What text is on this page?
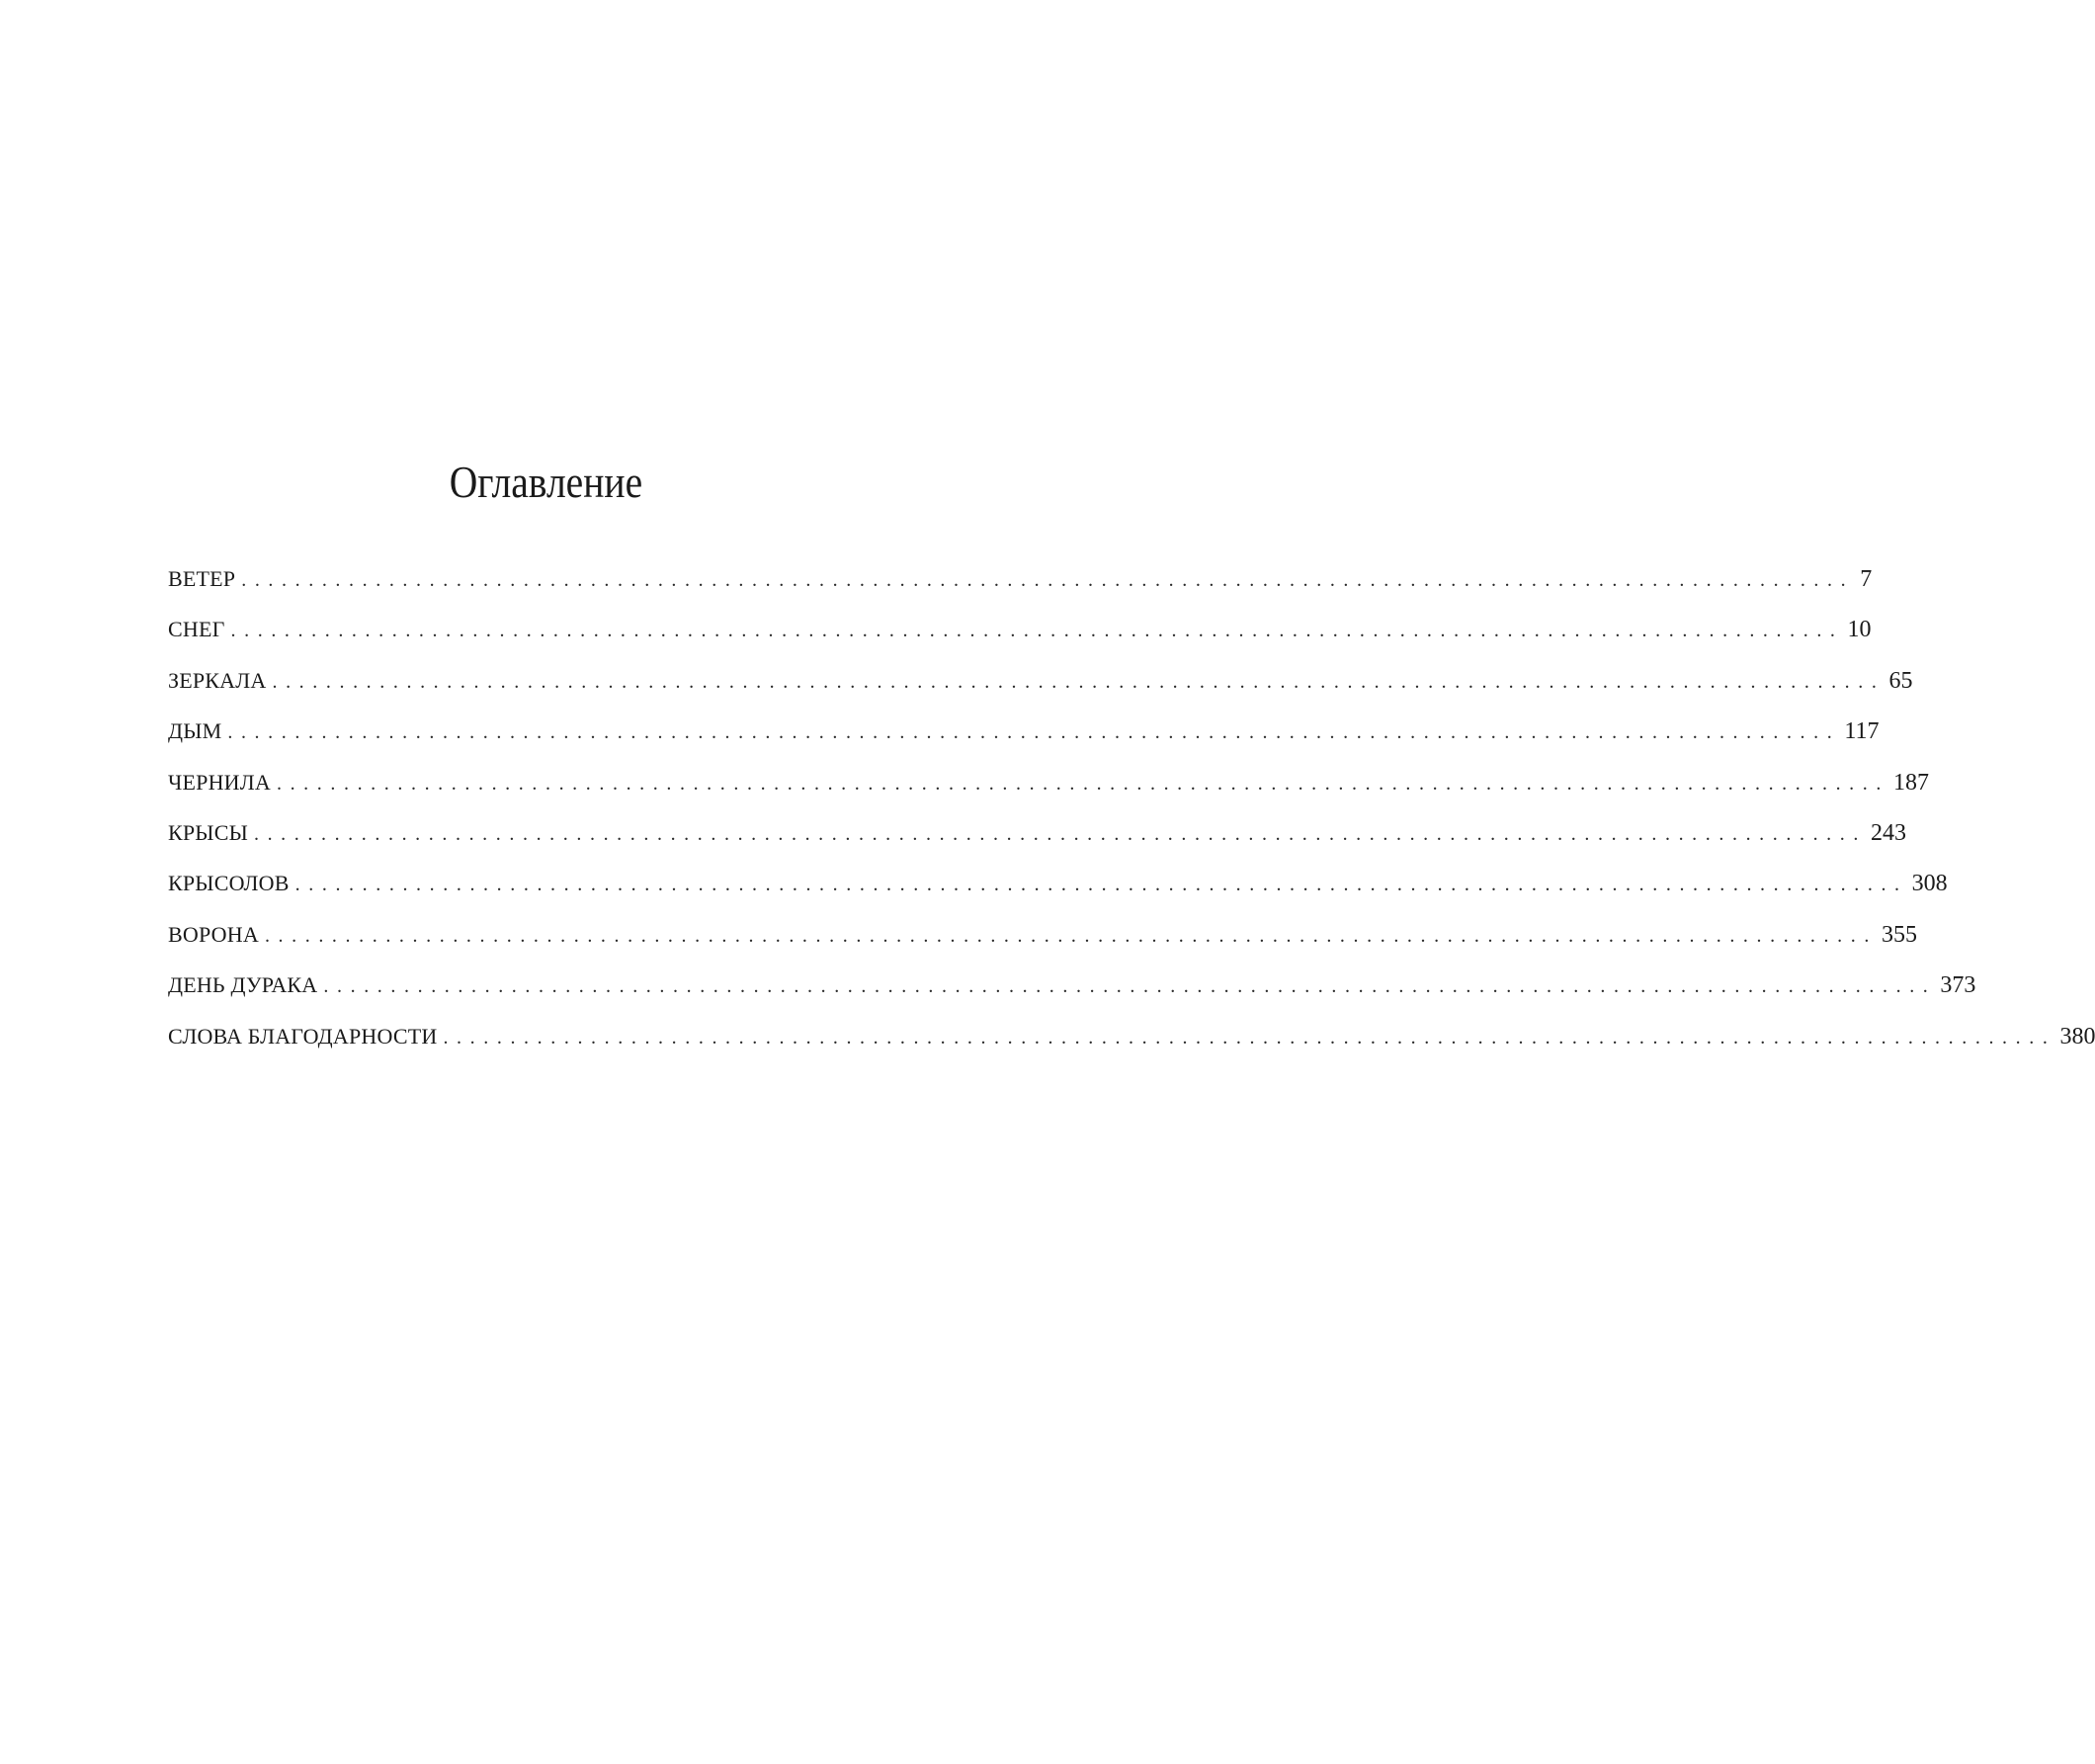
Оглавление
ВЕТЕР ........................................................................................................................ 7
СНЕГ ........................................................................................................................ 10
ЗЕРКАЛА ........................................................................................................................ 65
ДЫМ ........................................................................................................................ 117
ЧЕРНИЛА ........................................................................................................................ 187
КРЫСЫ ........................................................................................................................ 243
КРЫСОЛОВ ........................................................................................................................ 308
ВОРОНА ........................................................................................................................ 355
ДЕНЬ ДУРАКА ........................................................................................................................ 373
СЛОВА БЛАГОДАРНОСТИ ........................................................................................................................ 380
